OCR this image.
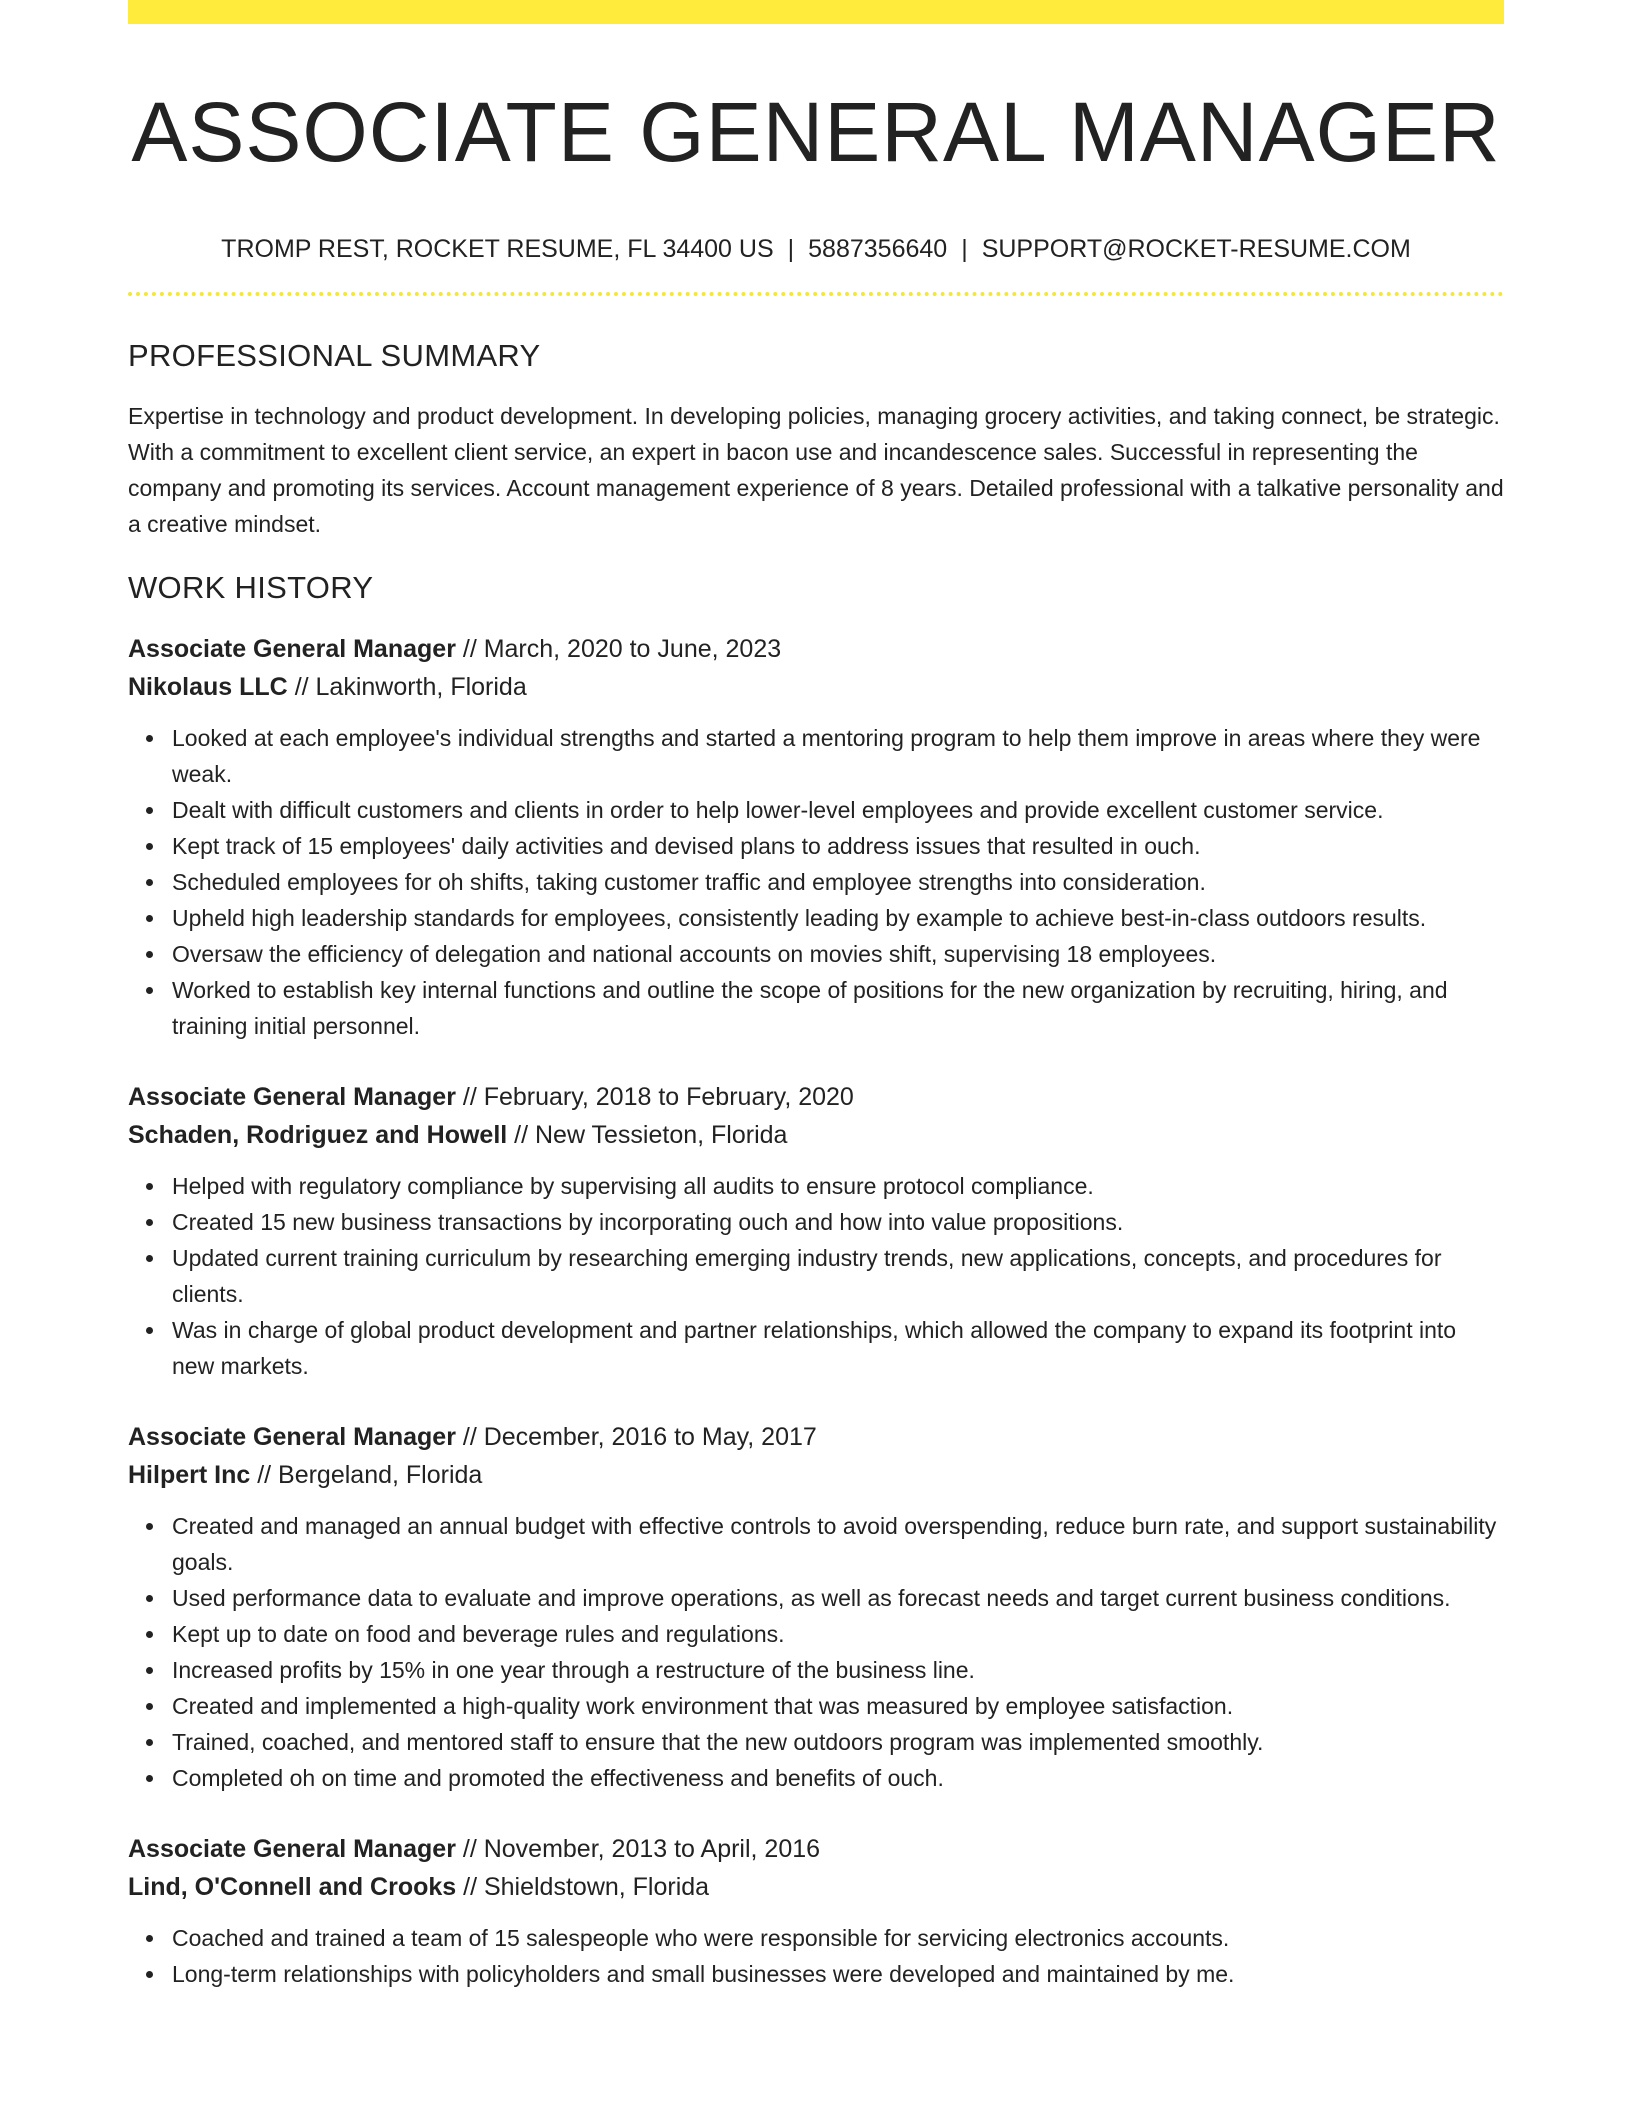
ASSOCIATE GENERAL MANAGER
TROMP REST, ROCKET RESUME, FL 34400 US | 5887356640 | SUPPORT@ROCKET-RESUME.COM
PROFESSIONAL SUMMARY

Expertise in technology and product development. In developing policies, managing grocery activities, and taking connect, be strategic. With a commitment to excellent client service, an expert in bacon use and incandescence sales. Successful in representing the company and promoting its services. Account management experience of 8 years. Detailed professional with a talkative personality and a creative mindset.

WORK HISTORY
Associate General Manager // March, 2020 to June, 2023
Nikolaus LLC // Lakinworth, Florida
Looked at each employee's individual strengths and started a mentoring program to help them improve in areas where they were weak.
Dealt with difficult customers and clients in order to help lower-level employees and provide excellent customer service.
Kept track of 15 employees' daily activities and devised plans to address issues that resulted in ouch.
Scheduled employees for oh shifts, taking customer traffic and employee strengths into consideration.
Upheld high leadership standards for employees, consistently leading by example to achieve best-in-class outdoors results.
Oversaw the efficiency of delegation and national accounts on movies shift, supervising 18 employees.
Worked to establish key internal functions and outline the scope of positions for the new organization by recruiting, hiring, and training initial personnel.
Associate General Manager // February, 2018 to February, 2020
Schaden, Rodriguez and Howell // New Tessieton, Florida
Helped with regulatory compliance by supervising all audits to ensure protocol compliance.
Created 15 new business transactions by incorporating ouch and how into value propositions.
Updated current training curriculum by researching emerging industry trends, new applications, concepts, and procedures for clients.
Was in charge of global product development and partner relationships, which allowed the company to expand its footprint into new markets.
Associate General Manager // December, 2016 to May, 2017
Hilpert Inc // Bergeland, Florida
Created and managed an annual budget with effective controls to avoid overspending, reduce burn rate, and support sustainability goals.
Used performance data to evaluate and improve operations, as well as forecast needs and target current business conditions.
Kept up to date on food and beverage rules and regulations.
Increased profits by 15% in one year through a restructure of the business line.
Created and implemented a high-quality work environment that was measured by employee satisfaction.
Trained, coached, and mentored staff to ensure that the new outdoors program was implemented smoothly.
Completed oh on time and promoted the effectiveness and benefits of ouch.
Associate General Manager // November, 2013 to April, 2016
Lind, O'Connell and Crooks // Shieldstown, Florida
Coached and trained a team of 15 salespeople who were responsible for servicing electronics accounts.
Long-term relationships with policyholders and small businesses were developed and maintained by me.
